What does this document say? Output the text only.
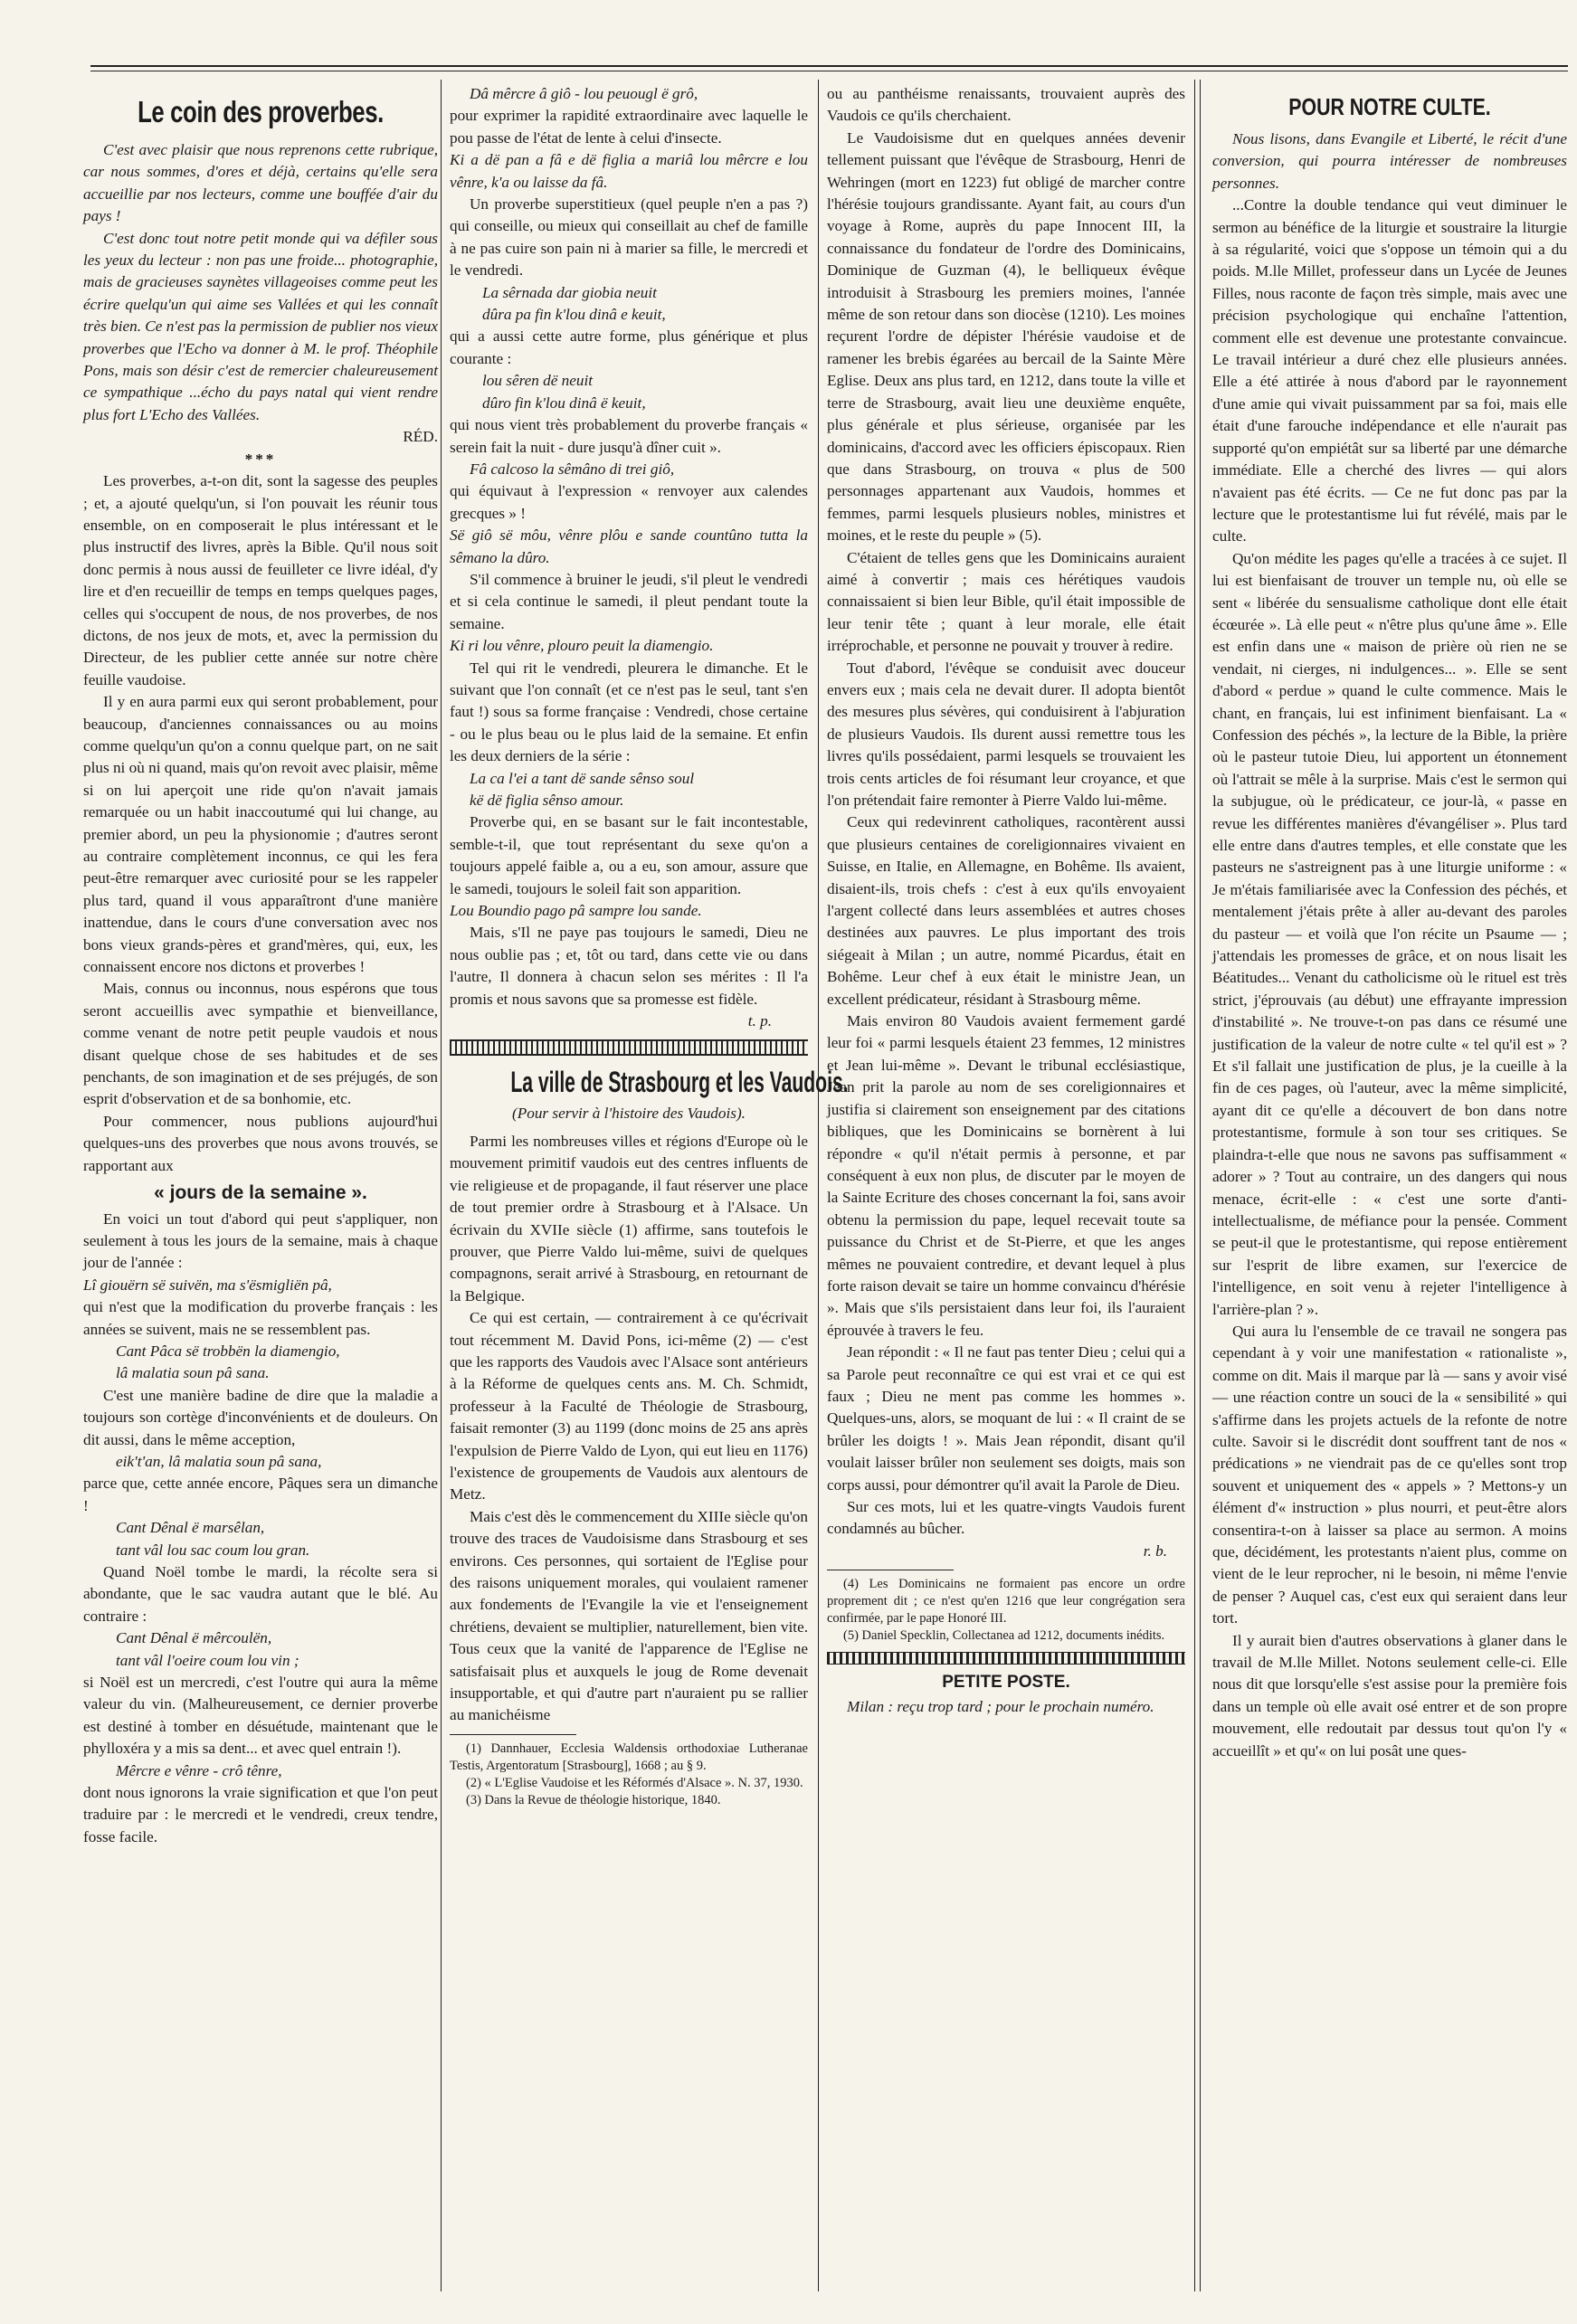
Le coin des proverbes.

C'est avec plaisir que nous reprenons cette rubrique, car nous sommes, d'ores et déjà, certains qu'elle sera accueillie par nos lecteurs, comme une bouffée d'air du pays !

C'est donc tout notre petit monde qui va défiler sous les yeux du lecteur : non pas une froide... photographie, mais de gracieuses saynètes villageoises comme peut les écrire quelqu'un qui aime ses Vallées et qui les connaît très bien. Ce n'est pas la permission de publier nos vieux proverbes que l'Echo va donner à M. le prof. Théophile Pons, mais son désir c'est de remercier chaleureusement ce sympathique ...écho du pays natal qui vient rendre plus fort L'Echo des Vallées.

RÉD.

***

Les proverbes, a-t-on dit, sont la sagesse des peuples ; et, a ajouté quelqu'un, si l'on pouvait les réunir tous ensemble, on en composerait le plus intéressant et le plus instructif des livres, après la Bible. Qu'il nous soit donc permis à nous aussi de feuilleter ce livre idéal, d'y lire et d'en recueillir de temps en temps quelques pages, celles qui s'occupent de nous, de nos proverbes, de nos dictons, de nos jeux de mots, et, avec la permission du Directeur, de les publier cette année sur notre chère feuille vaudoise.

Il y en aura parmi eux qui seront probablement, pour beaucoup, d'anciennes connaissances ou au moins comme quelqu'un qu'on a connu quelque part, on ne sait plus ni où ni quand, mais qu'on revoit avec plaisir, même si on lui aperçoit une ride qu'on n'avait jamais remarquée ou un habit inaccoutumé qui lui change, au premier abord, un peu la physionomie ; d'autres seront au contraire complètement inconnus, ce qui les fera peut-être remarquer avec curiosité pour se les rappeler plus tard, quand il vous apparaîtront d'une manière inattendue, dans le cours d'une conversation avec nos bons vieux grands-pères et grand'mères, qui, eux, les connaissent encore nos dictons et proverbes !

Mais, connus ou inconnus, nous espérons que tous seront accueillis avec sympathie et bienveillance, comme venant de notre petit peuple vaudois et nous disant quelque chose de ses habitudes et de ses penchants, de son imagination et de ses préjugés, de son esprit d'observation et de sa bonhomie, etc.

Pour commencer, nous publions aujourd'hui quelques-uns des proverbes que nous avons trouvés, se rapportant aux

« jours de la semaine ».

En voici un tout d'abord qui peut s'appliquer, non seulement à tous les jours de la semaine, mais à chaque jour de l'année :

Lî giouërn së suivën, ma s'ësmigliën pâ,

qui n'est que la modification du proverbe français : les années se suivent, mais ne se ressemblent pas.

Cant Pâca së trobbën la diamengio,

lâ malatia soun pâ sana.

C'est une manière badine de dire que la maladie a toujours son cortège d'inconvénients et de douleurs. On dit aussi, dans le même acception,

eik't'an, lâ malatia soun pâ sana,

parce que, cette année encore, Pâques sera un dimanche !

Cant Dênal ë marsêlan,

tant vâl lou sac coum lou gran.

Quand Noël tombe le mardi, la récolte sera si abondante, que le sac vaudra autant que le blé. Au contraire :

Cant Dênal ë mêrcoulën,

tant vâl l'oeire coum lou vin ;

si Noël est un mercredi, c'est l'outre qui aura la même valeur du vin. (Malheureusement, ce dernier proverbe est destiné à tomber en désuétude, maintenant que le phylloxéra y a mis sa dent... et avec quel entrain !).

Mêrcre e vênre - crô tênre,

dont nous ignorons la vraie signification et que l'on peut traduire par : le mercredi et le vendredi, creux tendre, fosse facile.

Dâ mêrcre â giô - lou peuougl ë grô,

pour exprimer la rapidité extraordinaire avec laquelle le pou passe de l'état de lente à celui d'insecte.

Ki a dë pan a fâ e dë figlia a mariâ lou mêrcre e lou vênre, k'a ou laisse da fâ.

Un proverbe superstitieux (quel peuple n'en a pas ?) qui conseille, ou mieux qui conseillait au chef de famille à ne pas cuire son pain ni à marier sa fille, le mercredi et le vendredi.

La sêrnada dar giobia neuit

dûra pa fin k'lou dinâ e keuit,

qui a aussi cette autre forme, plus générique et plus courante :

lou sêren dë neuit

dûro fin k'lou dinâ ë keuit,

qui nous vient très probablement du proverbe français « serein fait la nuit - dure jusqu'à dîner cuit ».

Fâ calcoso la sêmâno di trei giô,

qui équivaut à l'expression « renvoyer aux calendes grecques » !

Së giô së môu, vênre plôu e sande countûno tutta la sêmano la dûro.

S'il commence à bruiner le jeudi, s'il pleut le vendredi et si cela continue le samedi, il pleut pendant toute la semaine.

Ki ri lou vênre, plouro peuit la diamengio.

Tel qui rit le vendredi, pleurera le dimanche. Et le suivant que l'on connaît (et ce n'est pas le seul, tant s'en faut !) sous sa forme française : Vendredi, chose certaine - ou le plus beau ou le plus laid de la semaine. Et enfin les deux derniers de la série :

La ca l'ei a tant dë sande sênso soul

kë dë figlia sênso amour.

Proverbe qui, en se basant sur le fait incontestable, semble-t-il, que tout représentant du sexe qu'on a toujours appelé faible a, ou a eu, son amour, assure que le samedi, toujours le soleil fait son apparition.

Lou Boundio pago pâ sampre lou sande.

Mais, s'Il ne paye pas toujours le samedi, Dieu ne nous oublie pas ; et, tôt ou tard, dans cette vie ou dans l'autre, Il donnera à chacun selon ses mérites : Il l'a promis et nous savons que sa promesse est fidèle.

t. p.

La ville de Strasbourg et les Vaudois.

(Pour servir à l'histoire des Vaudois).

Parmi les nombreuses villes et régions d'Europe où le mouvement primitif vaudois eut des centres influents de vie religieuse et de propagande, il faut réserver une place de tout premier ordre à Strasbourg et à l'Alsace. Un écrivain du XVIIe siècle (1) affirme, sans toutefois le prouver, que Pierre Valdo lui-même, suivi de quelques compagnons, serait arrivé à Strasbourg, en retournant de la Belgique.

Ce qui est certain, — contrairement à ce qu'écrivait tout récemment M. David Pons, ici-même (2) — c'est que les rapports des Vaudois avec l'Alsace sont antérieurs à la Réforme de quelques cents ans. M. Ch. Schmidt, professeur à la Faculté de Théologie de Strasbourg, faisait remonter (3) au 1199 (donc moins de 25 ans après l'expulsion de Pierre Valdo de Lyon, qui eut lieu en 1176) l'existence de groupements de Vaudois aux alentours de Metz.

Mais c'est dès le commencement du XIIIe siècle qu'on trouve des traces de Vaudoisisme dans Strasbourg et ses environs. Ces personnes, qui sortaient de l'Eglise pour des raisons uniquement morales, qui voulaient ramener aux fondements de l'Evangile la vie et l'enseignement chrétiens, devaient se multiplier, naturellement, bien vite. Tous ceux que la vanité de l'apparence de l'Eglise ne satisfaisait plus et auxquels le joug de Rome devenait insupportable, et qui d'autre part n'auraient pu se rallier au manichéisme

(1) Dannhauer, Ecclesia Waldensis orthodoxiae Lutheranae Testis, Argentoratum [Strasbourg], 1668 ; au § 9.

(2) « L'Eglise Vaudoise et les Réformés d'Alsace ». N. 37, 1930.

(3) Dans la Revue de théologie historique, 1840.

ou au panthéisme renaissants, trouvaient auprès des Vaudois ce qu'ils cherchaient.

Le Vaudoisisme dut en quelques années devenir tellement puissant que l'évêque de Strasbourg, Henri de Wehringen (mort en 1223) fut obligé de marcher contre l'hérésie toujours grandissante. Ayant fait, au cours d'un voyage à Rome, auprès du pape Innocent III, la connaissance du fondateur de l'ordre des Dominicains, Dominique de Guzman (4), le belliqueux évêque introduisit à Strasbourg les premiers moines, l'année même de son retour dans son diocèse (1210). Les moines reçurent l'ordre de dépister l'hérésie vaudoise et de ramener les brebis égarées au bercail de la Sainte Mère Eglise. Deux ans plus tard, en 1212, dans toute la ville et terre de Strasbourg, avait lieu une deuxième enquête, plus générale et plus sérieuse, organisée par les dominicains, d'accord avec les officiers épiscopaux. Rien que dans Strasbourg, on trouva « plus de 500 personnages appartenant aux Vaudois, hommes et femmes, parmi lesquels plusieurs nobles, ministres et moines, et le reste du peuple » (5).

C'étaient de telles gens que les Dominicains auraient aimé à convertir ; mais ces hérétiques vaudois connaissaient si bien leur Bible, qu'il était impossible de leur tenir tête ; quant à leur morale, elle était irréprochable, et personne ne pouvait y trouver à redire.

Tout d'abord, l'évêque se conduisit avec douceur envers eux ; mais cela ne devait durer. Il adopta bientôt des mesures plus sévères, qui conduisirent à l'abjuration de plusieurs Vaudois. Ils durent aussi remettre tous les livres qu'ils possédaient, parmi lesquels se trouvaient les trois cents articles de foi résumant leur croyance, et que l'on prétendait faire remonter à Pierre Valdo lui-même.

Ceux qui redevinrent catholiques, racontèrent aussi que plusieurs centaines de coreligionnaires vivaient en Suisse, en Italie, en Allemagne, en Bohême. Ils avaient, disaient-ils, trois chefs : c'est à eux qu'ils envoyaient l'argent collecté dans leurs assemblées et autres choses destinées aux pauvres. Le plus important des trois siégeait à Milan ; un autre, nommé Picardus, était en Bohême. Leur chef à eux était le ministre Jean, un excellent prédicateur, résidant à Strasbourg même.

Mais environ 80 Vaudois avaient fermement gardé leur foi « parmi lesquels étaient 23 femmes, 12 ministres et Jean lui-même ». Devant le tribunal ecclésiastique, Jean prit la parole au nom de ses coreligionnaires et justifia si clairement son enseignement par des citations bibliques, que les Dominicains se bornèrent à lui répondre « qu'il n'était permis à personne, et par conséquent à eux non plus, de discuter par le moyen de la Sainte Ecriture des choses concernant la foi, sans avoir obtenu la permission du pape, lequel recevait toute sa puissance du Christ et de St-Pierre, et que les anges mêmes ne pouvaient contredire, et devant lequel à plus forte raison devait se taire un homme convaincu d'hérésie ». Mais que s'ils persistaient dans leur foi, ils l'auraient éprouvée à travers le feu.

Jean répondit : « Il ne faut pas tenter Dieu ; celui qui a sa Parole peut reconnaître ce qui est vrai et ce qui est faux ; Dieu ne ment pas comme les hommes ». Quelques-uns, alors, se moquant de lui : « Il craint de se brûler les doigts ! ». Mais Jean répondit, disant qu'il voulait laisser brûler non seulement ses doigts, mais son corps aussi, pour démontrer qu'il avait la Parole de Dieu.

Sur ces mots, lui et les quatre-vingts Vaudois furent condamnés au bûcher.

r. b.

(4) Les Dominicains ne formaient pas encore un ordre proprement dit ; ce n'est qu'en 1216 que leur congrégation sera confirmée, par le pape Honoré III.

(5) Daniel Specklin, Collectanea ad 1212, documents inédits.

PETITE POSTE.

Milan : reçu trop tard ; pour le prochain numéro.

POUR NOTRE CULTE.

Nous lisons, dans Evangile et Liberté, le récit d'une conversion, qui pourra intéresser de nombreuses personnes.

...Contre la double tendance qui veut diminuer le sermon au bénéfice de la liturgie et soustraire la liturgie à sa régularité, voici que s'oppose un témoin qui a du poids. M.lle Millet, professeur dans un Lycée de Jeunes Filles, nous raconte de façon très simple, mais avec une précision psychologique qui enchaîne l'attention, comment elle est devenue une protestante convaincue. Le travail intérieur a duré chez elle plusieurs années. Elle a été attirée à nous d'abord par le rayonnement d'une amie qui vivait puissamment par sa foi, mais elle était d'une farouche indépendance et elle n'aurait pas supporté qu'on empiétât sur sa liberté par une démarche immédiate. Elle a cherché des livres — qui alors n'avaient pas été écrits. — Ce ne fut donc pas par la lecture que le protestantisme lui fut révélé, mais par le culte.

Qu'on médite les pages qu'elle a tracées à ce sujet. Il lui est bienfaisant de trouver un temple nu, où elle se sent « libérée du sensualisme catholique dont elle était écœurée ». Là elle peut « n'être plus qu'une âme ». Elle est enfin dans une « maison de prière où rien ne se vendait, ni cierges, ni indulgences... ». Elle se sent d'abord « perdue » quand le culte commence. Mais le chant, en français, lui est infiniment bienfaisant. La « Confession des péchés », la lecture de la Bible, la prière où le pasteur tutoie Dieu, lui apportent un étonnement où l'attrait se mêle à la surprise. Mais c'est le sermon qui la subjugue, où le prédicateur, ce jour-là, « passe en revue les différentes manières d'évangéliser ». Plus tard elle entre dans d'autres temples, et elle constate que les pasteurs ne s'astreignent pas à une liturgie uniforme : « Je m'étais familiarisée avec la Confession des péchés, et mentalement j'étais prête à aller au-devant des paroles du pasteur — et voilà que l'on récite un Psaume — ; j'attendais les promesses de grâce, et on nous lisait les Béatitudes... Venant du catholicisme où le rituel est très strict, j'éprouvais (au début) une effrayante impression d'instabilité ». Ne trouve-t-on pas dans ce résumé une justification de la valeur de notre culte « tel qu'il est » ? Et s'il fallait une justification de plus, je la cueille à la fin de ces pages, où l'auteur, avec la même simplicité, ayant dit ce qu'elle a découvert de bon dans notre protestantisme, formule à son tour ses critiques. Se plaindra-t-elle que nous ne savons pas suffisamment « adorer » ? Tout au contraire, un des dangers qui nous menace, écrit-elle : « c'est une sorte d'anti-intellectualisme, de méfiance pour la pensée. Comment se peut-il que le protestantisme, qui repose entièrement sur l'esprit de libre examen, sur l'exercice de l'intelligence, en soit venu à rejeter l'intelligence à l'arrière-plan ? ».

Qui aura lu l'ensemble de ce travail ne songera pas cependant à y voir une manifestation « rationaliste », comme on dit. Mais il marque par là — sans y avoir visé — une réaction contre un souci de la « sensibilité » qui s'affirme dans les projets actuels de la refonte de notre culte. Savoir si le discrédit dont souffrent tant de nos « prédications » ne viendrait pas de ce qu'elles sont trop souvent et uniquement des « appels » ? Mettons-y un élément d'« instruction » plus nourri, et peut-être alors consentira-t-on à laisser sa place au sermon. A moins que, décidément, les protestants n'aient plus, comme on vient de le leur reprocher, ni le besoin, ni même l'envie de penser ? Auquel cas, c'est eux qui seraient dans leur tort.

Il y aurait bien d'autres observations à glaner dans le travail de M.lle Millet. Notons seulement celle-ci. Elle nous dit que lorsqu'elle s'est assise pour la première fois dans un temple où elle avait osé entrer et de son propre mouvement, elle redoutait par dessus tout qu'on l'y « accueillît » et qu'« on lui posât une ques-
